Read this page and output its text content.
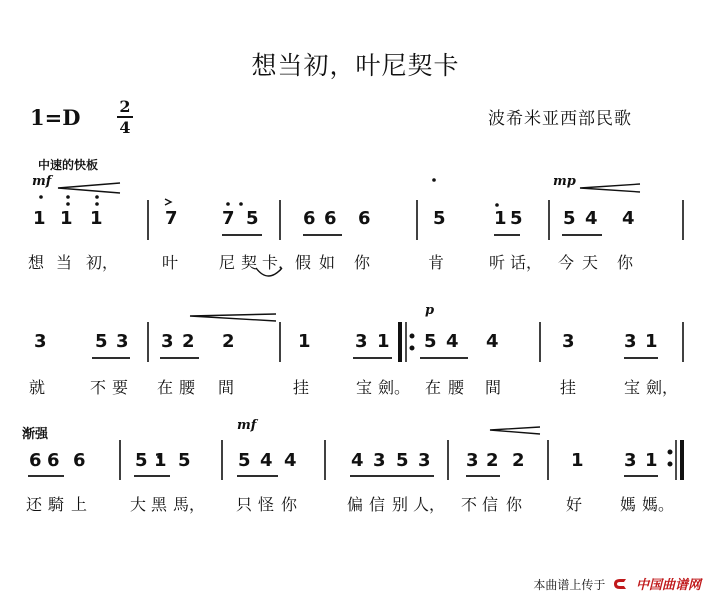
想当初，叶尼契卡
1=D 2
4	波希米亚西部民歌
中速的快板
mf	mp
p
mf
渐强
1 1 1	7 7 5 6 6 6	5	1 5 5 4 4
想 当 初，	叶	尼 契 卡， 假 如 你	肯	听 话， 今 天 你
3	5 3 3 2 2	1 3 1 5 4 4	3	3 1
就	不 要 在 腰 間	挂	宝 劍。 在 腰 間	挂	宝 劍，
6 6 6	5 1 5	5 4 4	4 3 5 3 3 2 2	1 3 1
还 騎 上	大 黑 馬， 只 怪 你	偏 信 别 人， 不 信 你	好 媽 媽。
本曲谱上传于 中国曲谱网
